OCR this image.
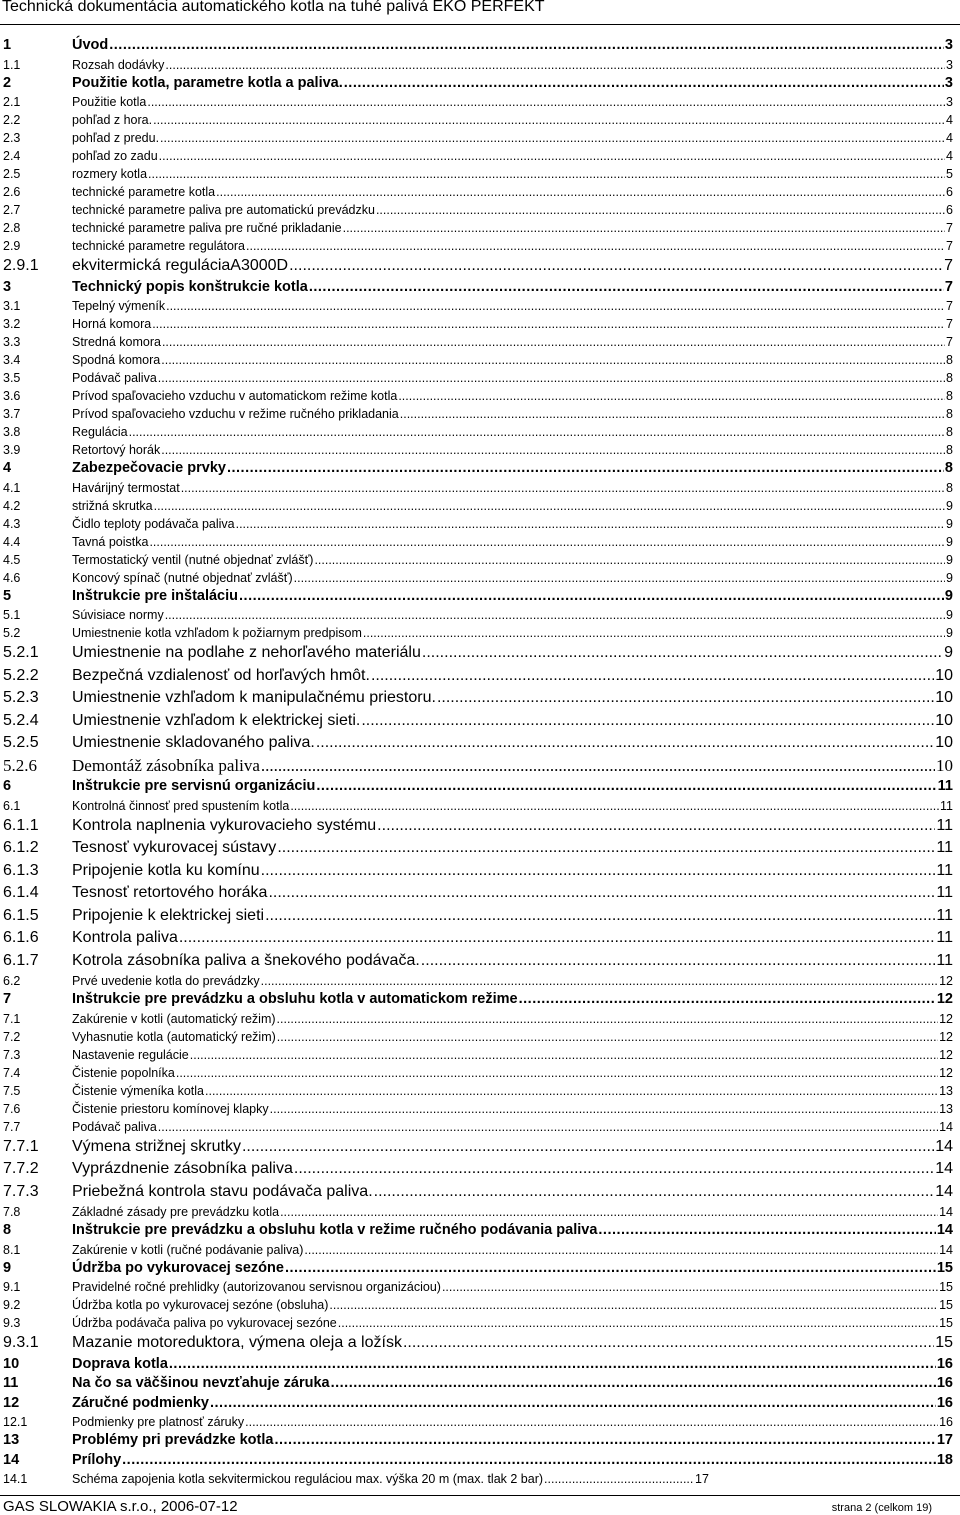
Technická dokumentácia automatického kotla na tuhé palivá EKO PERFEKT
1	Úvod .....	3
1.1	Rozsah dodávky .....	3
2	Použitie kotla, parametre kotla a paliva. .....	3
2.1	Použitie kotla .....	3
2.2	pohľad z hora. .....	4
2.3	pohľad z predu. .....	4
2.4	pohľad zo zadu .....	4
2.5	rozmery kotla .....	5
2.6	technické parametre kotla .....	6
2.7	technické parametre paliva pre automatickú prevádzku .....	6
2.8	technické parametre paliva pre ručné prikladanie .....	7
2.9	technické parametre regulátora .....	7
2.9.1	ekvitermická reguláciaA3000D .....	7
3	Technický popis konštrukcie kotla .....	7
3.1	Tepelný výmeník .....	7
3.2	Horná komora .....	7
3.3	Stredná komora .....	7
3.4	Spodná komora .....	8
3.5	Podávač paliva .....	8
3.6	Prívod spaľovacieho vzduchu v automatickom režime kotla .....	8
3.7	Prívod spaľovacieho vzduchu v režime ručného prikladania .....	8
3.8	Regulácia .....	8
3.9	Retortový horák .....	8
4	Zabezpečovacie prvky .....	8
4.1	Havárijný termostat .....	8
4.2	strižná skrutka .....	9
4.3	Čidlo teploty podávača paliva .....	9
4.4	Tavná poistka .....	9
4.5	Termostatický ventil (nutné objednať zvlášť) .....	9
4.6	Koncový spínač (nutné objednať zvlášť) .....	9
5	Inštrukcie pre inštaláciu .....	9
5.1	Súvisiace normy .....	9
5.2	Umiestnenie kotla vzhľadom k požiarnym predpisom .....	9
5.2.1	Umiestnenie na podlahe z nehorľavého materiálu .....	9
5.2.2	Bezpečná vzdialenosť od horľavých hmôt. .....	10
5.2.3	Umiestnenie vzhľadom k manipulačnému priestoru. .....	10
5.2.4	Umiestnenie vzhľadom k elektrickej sieti. .....	10
5.2.5	Umiestnenie skladovaného paliva. .....	10
5.2.6	Demontáž zásobníka paliva .....	10
6	Inštrukcie pre servisnú organizáciu .....	11
6.1	Kontrolná činnosť pred spustením kotla .....	11
6.1.1	Kontrola naplnenia vykurovacieho systému .....	11
6.1.2	Tesnosť vykurovacej sústavy .....	11
6.1.3	Pripojenie kotla ku komínu .....	11
6.1.4	Tesnosť retortového horáka .....	11
6.1.5	Pripojenie k elektrickej sieti .....	11
6.1.6	Kontrola paliva .....	11
6.1.7	Kotrola zásobníka paliva a šnekového podávača. .....	11
6.2	Prvé uvedenie kotla do prevádzky .....	12
7	Inštrukcie pre prevádzku a obsluhu kotla v automatickom režime .....	12
7.1	Zakúrenie v kotli (automatický režim) .....	12
7.2	Vyhasnutie kotla (automatický režim) .....	12
7.3	Nastavenie regulácie .....	12
7.4	Čistenie popolníka .....	12
7.5	Čistenie výmeníka kotla .....	13
7.6	Čistenie priestoru komínovej klapky .....	13
7.7	Podávač paliva .....	14
7.7.1	Výmena strižnej skrutky .....	14
7.7.2	Vyprázdnenie zásobníka paliva .....	14
7.7.3	Priebežná kontrola stavu podávača paliva. .....	14
7.8	Základné zásady pre prevádzku kotla .....	14
8	Inštrukcie pre prevádzku a obsluhu kotla v režime ručného podávania paliva .....	14
8.1	Zakúrenie v kotli (ručné podávanie paliva) .....	14
9	Údržba po vykurovacej sezóne .....	15
9.1	Pravidelné ročné prehlidky (autorizovanou servisnou organizáciou) .....	15
9.2	Údržba kotla po vykurovacej sezóne (obsluha) .....	15
9.3	Údržba podávača paliva po vykurovacej sezóne .....	15
9.3.1	Mazanie motoreduktora, výmena oleja a ložísk .....	15
10	Doprava kotla .....	16
11	Na čo sa väčšinou nevzťahuje záruka .....	16
12	Záručné podmienky .....	16
12.1	Podmienky pre platnosť záruky .....	16
13	Problémy pri prevádzke kotla .....	17
14	Prílohy .....	18
14.1	Schéma zapojenia kotla sekvitermickou reguláciou max. výška 20 m (max. tlak 2 bar) .....	17
GAS SLOWAKIA s.r.o., 2006-07-12	strana 2 (celkom 19)
